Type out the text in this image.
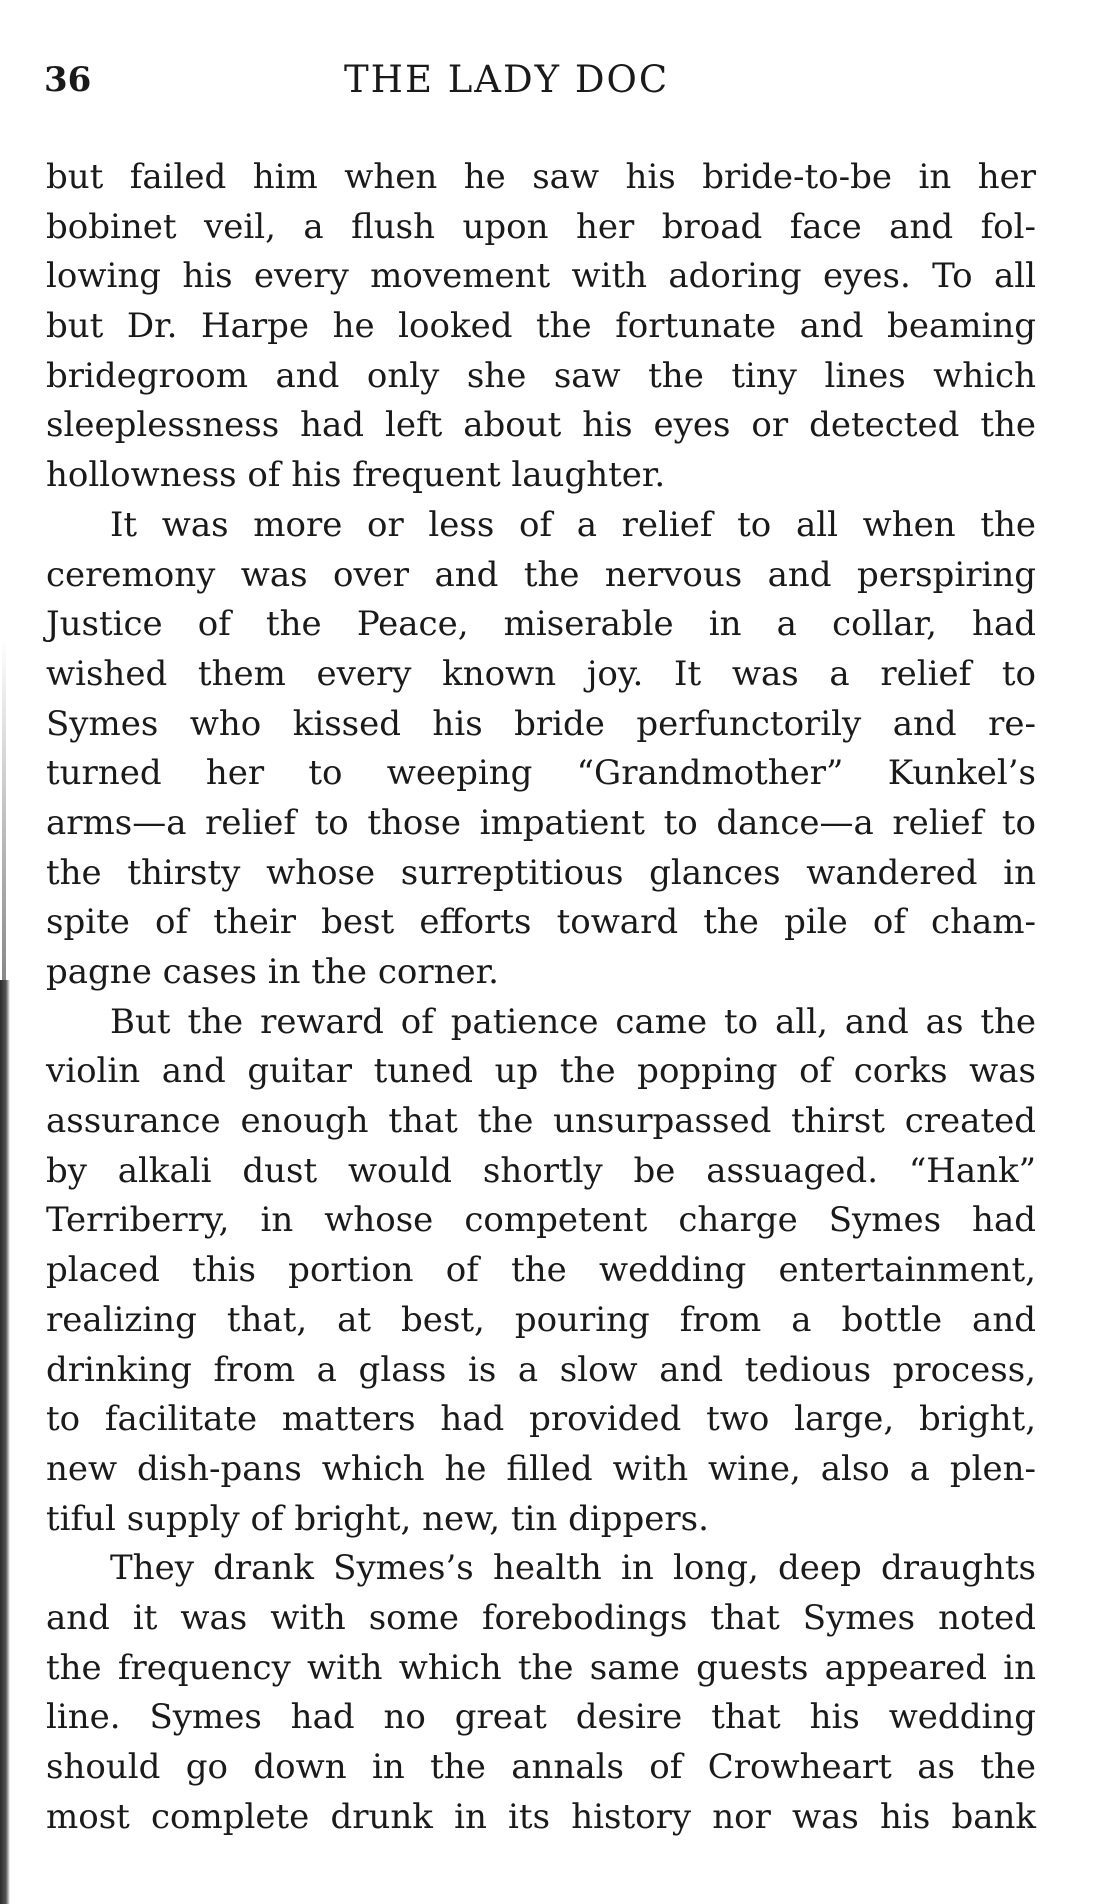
36	THE LADY DOC
but failed him when he saw his bride-to-be in her
bobinet veil, a flush upon her broad face and fol-
lowing his every movement with adoring eyes. To all
but Dr. Harpe he looked the fortunate and beaming
bridegroom and only she saw the tiny lines which
sleeplessness had left about his eyes or detected the
hollowness of his frequent laughter.
It was more or less of a relief to all when the
ceremony was over and the nervous and perspiring
Justice of the Peace, miserable in a collar, had
wished them every known joy. It was a relief to
Symes who kissed his bride perfunctorily and re-
turned her to weeping “Grandmother” Kunkel’s
arms—a relief to those impatient to dance—a relief to
the thirsty whose surreptitious glances wandered in
spite of their best efforts toward the pile of cham-
pagne cases in the corner.
But the reward of patience came to all, and as the
violin and guitar tuned up the popping of corks was
assurance enough that the unsurpassed thirst created
by alkali dust would shortly be assuaged. “Hank”
Terriberry, in whose competent charge Symes had
placed this portion of the wedding entertainment,
realizing that, at best, pouring from a bottle and
drinking from a glass is a slow and tedious process,
to facilitate matters had provided two large, bright,
new dish-pans which he filled with wine, also a plen-
tiful supply of bright, new, tin dippers.
They drank Symes’s health in long, deep draughts
and it was with some forebodings that Symes noted
the frequency with which the same guests appeared in
line. Symes had no great desire that his wedding
should go down in the annals of Crowheart as the
most complete drunk in its history nor was his bank
